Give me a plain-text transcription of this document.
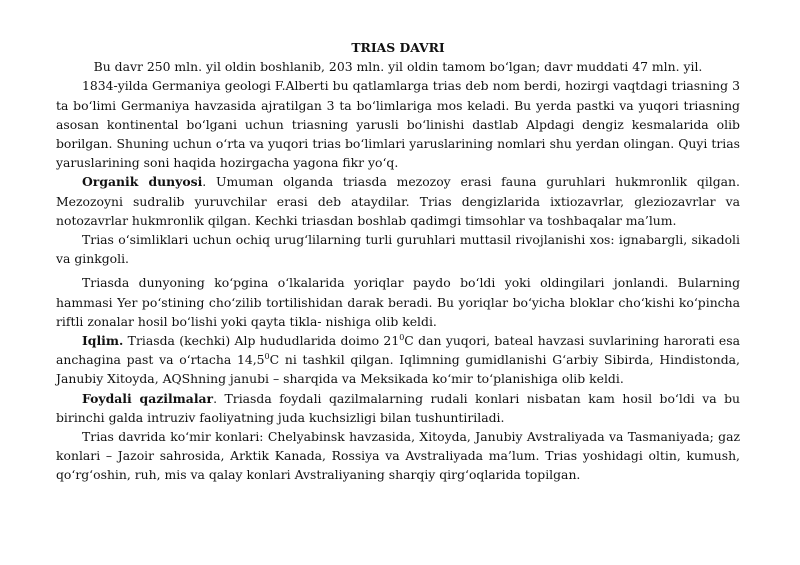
TRIAS DAVRI

Bu davr 250 mln. yil oldin boshlanib, 203 mln. yil oldin tamom bo‘lgan; davr muddati 47 mln. yil.

1834-yilda Germaniya geologi F.Alberti bu qatlamlarga trias deb nom berdi, hozirgi vaqtdagi triasning 3 ta bo‘limi Germaniya havzasida ajratilgan 3 ta bo‘limlariga mos keladi. Bu yerda pastki va yuqori triasning asosan kontinental bo‘lgani uchun triasning yarusli bo‘linishi dastlab Alpdagi dengiz kesmalarida olib borilgan. Shuning uchun o‘rta va yuqori trias bo‘limlari yaruslarining nomlari shu yerdan olingan. Quyi trias yaruslarining soni haqida hozirgacha yagona fikr yo‘q.

Organik dunyosi. Umuman olganda triasda mezozoy erasi fauna guruhlari hukmronlik qilgan. Mezozoyni sudralib yuruvchilar erasi deb ataydilar. Trias dengizlarida ixtiozavrlar, gleziozavrlar va notozavrlar hukmronlik qilgan. Kechki triasdan boshlab qadimgi timsohlar va toshbaqalar ma’lum.

Trias o‘simliklari uchun ochiq urug‘lilarning turli guruhlari muttasil rivojlanishi xos: ignabargli, sikadoli va ginkgoli.

Triasda dunyoning ko‘pgina o‘lkalarida yoriqlar paydo bo‘ldi yoki oldingilari jonlandi. Bularning hammasi Yer po‘stining cho‘zilib tortilishidan darak beradi. Bu yoriqlar bo‘yicha bloklar cho‘kishi ko‘pincha riftli zonalar hosil bo‘lishi yoki qayta tikla- nishiga olib keldi.

Iqlim. Triasda (kechki) Alp hududlarida doimo $21^0C$ dan yuqori, bateal havzasi suvlarining harorati esa anchagina past va o‘rtacha 14,5$^0$C ni tashkil qilgan. Iqlimning gumidlanishi G‘arbiy Sibirda, Hindistonda, Janubiy Xitoyda, AQShning janubi – sharqida va Meksikada ko‘mir to‘planishiga olib keldi.

Foydali qazilmalar. Triasda foydali qazilmalarning rudali konlari nisbatan kam hosil bo‘ldi va bu birinchi galda intruziv faoliyatning juda kuchsizligi bilan tushuntiriladi.

Trias davrida ko‘mir konlari: Chelyabinsk havzasida, Xitoyda, Janubiy Avstraliyada va Tasmaniyada; gaz konlari – Jazoir sahrosida, Arktik Kanada, Rossiya va Avstraliyada ma’lum. Trias yoshidagi oltin, kumush, qo‘rg‘oshin, ruh, mis va qalay konlari Avstraliyaning sharqiy qirg‘oqlarida topilgan.
